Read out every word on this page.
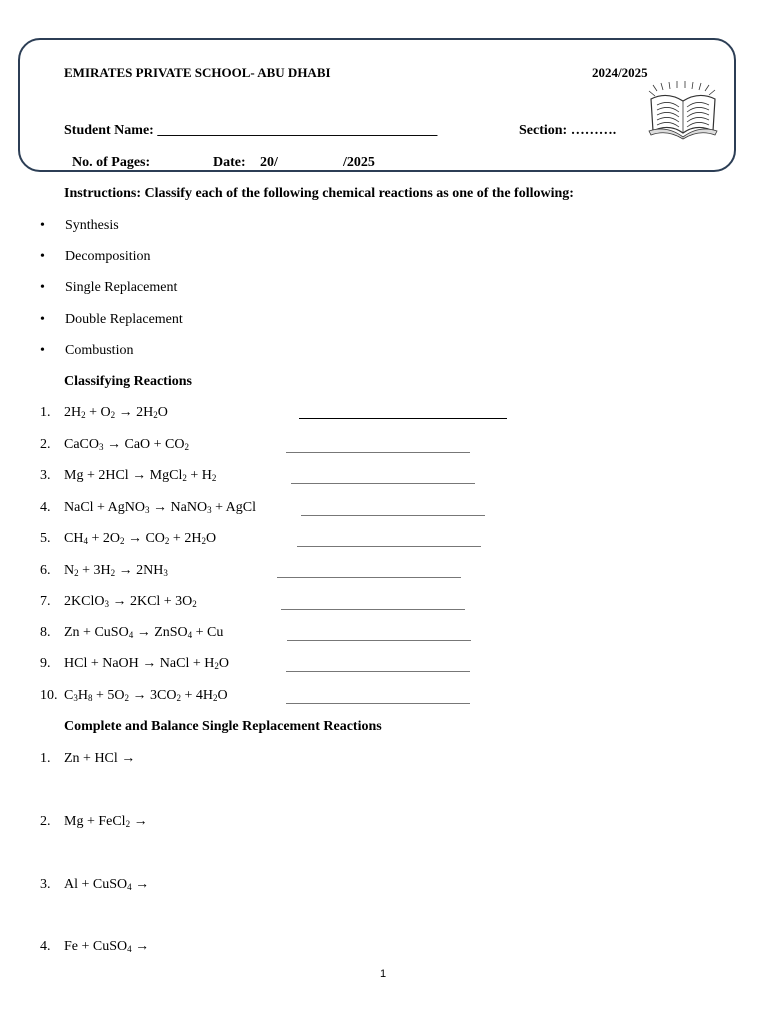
EMIRATES PRIVATE SCHOOL- ABU DHABI	2024/2025
Student Name: ________________________________________	Section: ……….
No. of Pages:	Date: 20/	/2025
Instructions: Classify each of the following chemical reactions as one of the following:
• Synthesis
• Decomposition
• Single Replacement
• Double Replacement
• Combustion
Classifying Reactions
1. $2H_2 + O_2 \to 2H_2O$
2. CaCO$_3$ → CaO + $CO_2$
3. Mg + 2HCl → MgCl$_2$ + $H_2$
4. NaCl + AgNO$_3$ → NaNO$_3$ + AgCl
5. $CH_4 + 2O_2 \to CO_2 + 2H_2O$
6. $N_2 + 3H_2 \to 2NH_3$
7. 2KClO$_3$ → $2KCl + 3O_2$
8. Zn + CuSO$_4$ → ZnSO$_4$ + Cu
9. HCl + NaOH → NaCl + $H_2O$
10. $C_3H_8 + 5O_2 \to 3CO_2 + 4H_2O$
Complete and Balance Single Replacement Reactions
1. Zn + HCl →
2. Mg + FeCl$_2$ →
3. Al + CuSO$_4$ →
4. Fe + CuSO$_4$ →
1
